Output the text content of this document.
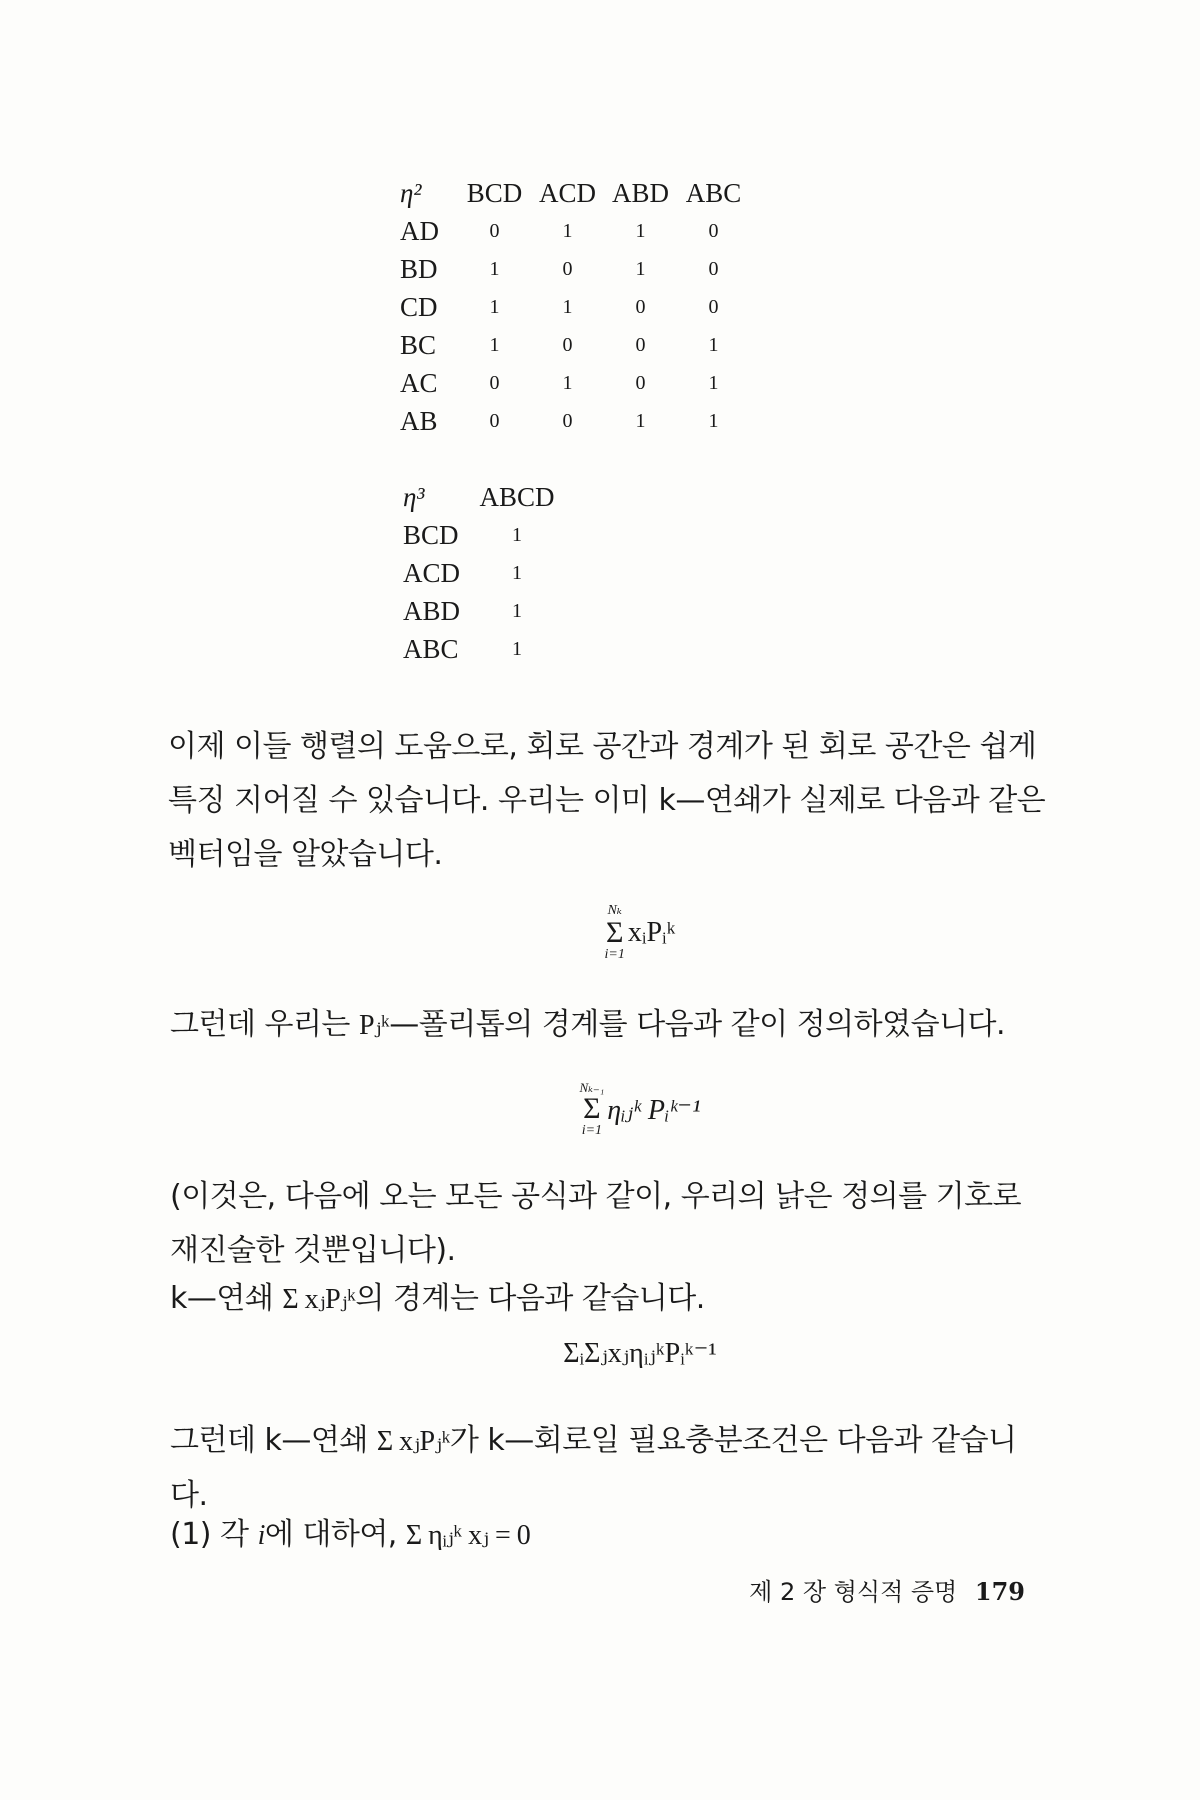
η²	BCD	ACD	ABD	ABC
AD	0	1	1	0
BD	1	0	1	0
CD	1	1	0	0
BC	1	0	0	1
AC	0	1	0	1
AB	0	0	1	1
η³	ABCD
BCD	1
ACD	1
ABD	1
ABC	1

이제 이들 행렬의 도움으로, 회로 공간과 경계가 된 회로 공간은 쉽게 특징 지어질 수 있습니다. 우리는 이미 k—연쇄가 실제로 다음과 같은 벡터임을 알았습니다.

Nₖ
Σ
i=1
xᵢPᵢᵏ

그런데 우리는 Pⱼᵏ—폴리톱의 경계를 다음과 같이 정의하였습니다.

Nₖ₋₁
Σ
i=1
ηᵢⱼᵏ Pᵢᵏ⁻¹

(이것은, 다음에 오는 모든 공식과 같이, 우리의 낡은 정의를 기호로 재진술한 것뿐입니다).

k—연쇄 Σ xⱼPⱼᵏ의 경계는 다음과 같습니다.

ΣᵢΣⱼxⱼηᵢⱼᵏPᵢᵏ⁻¹

그런데 k—연쇄 Σ xⱼPⱼᵏ가 k—회로일 필요충분조건은 다음과 같습니다.

(1) 각 i에 대하여, Σ ηᵢⱼᵏ xⱼ = 0

제 2 장 형식적 증명 179
